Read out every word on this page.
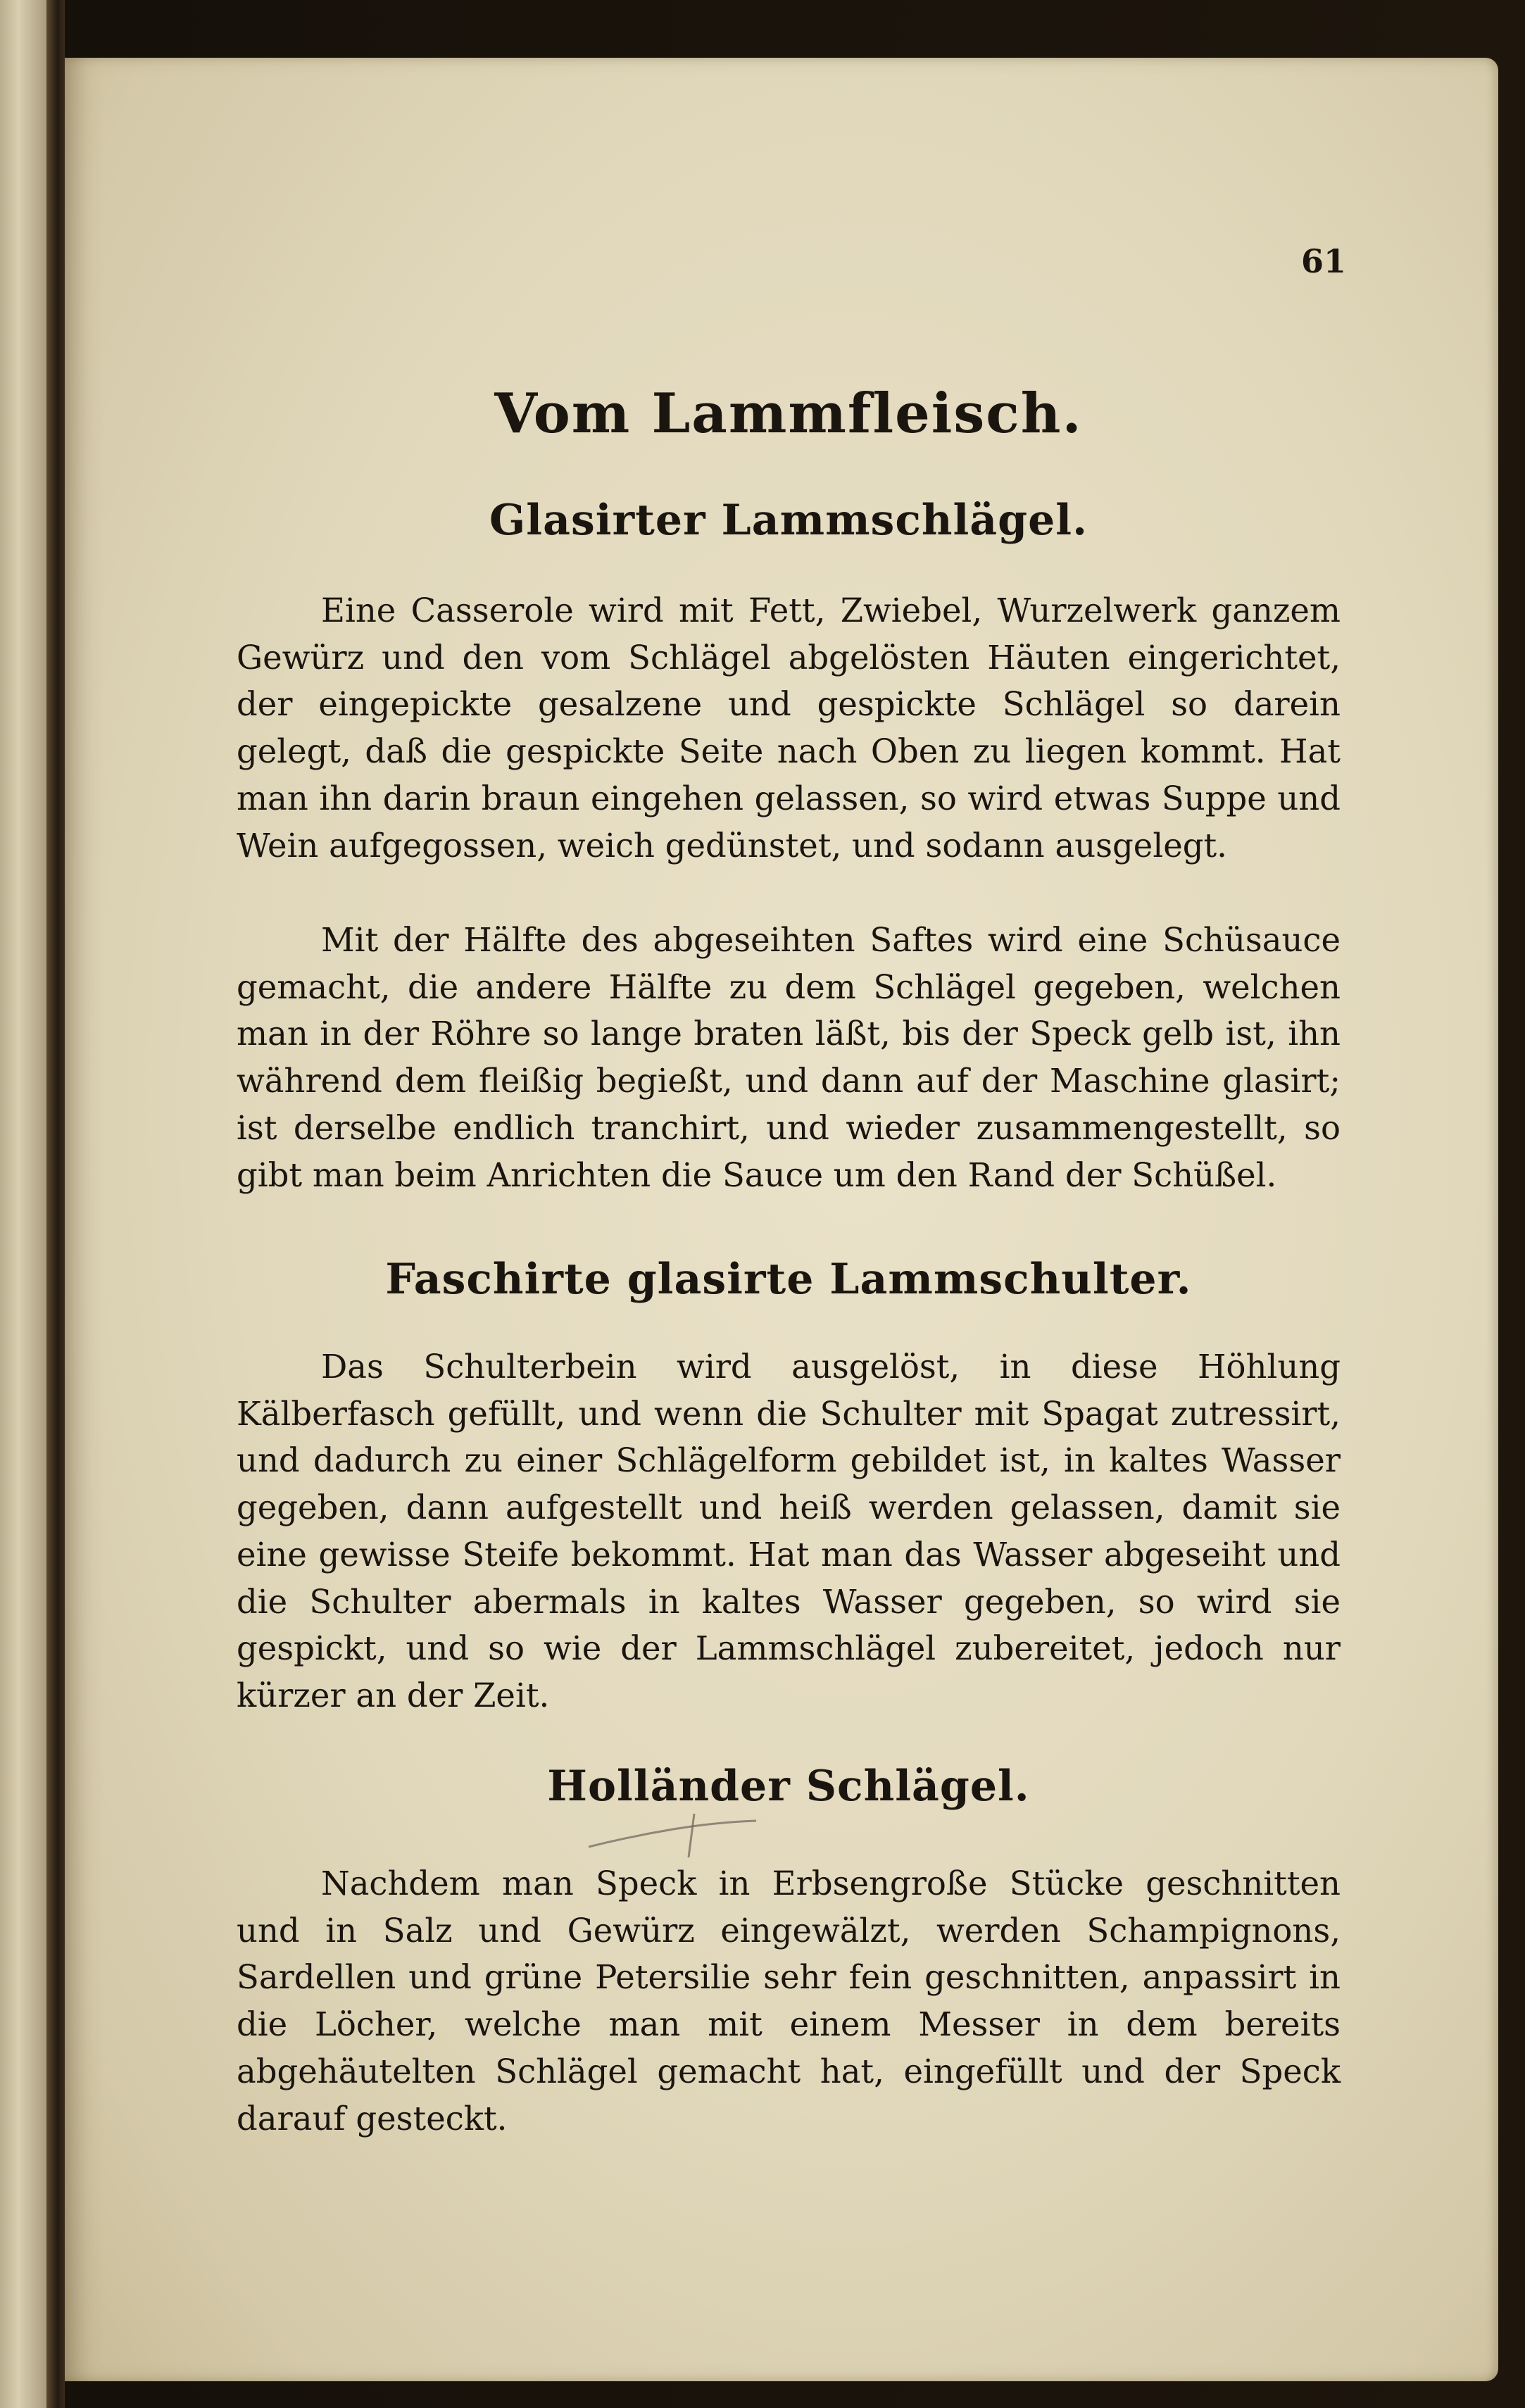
61
Vom Lammfleisch.
Glasirter Lammschlägel.

Eine Casserole wird mit Fett, Zwiebel, Wurzelwerk ganzem Gewürz und den vom Schlägel abgelösten Häuten eingerichtet, der eingepickte gesalzene und gespickte Schlägel so darein gelegt, daß die gespickte Seite nach Oben zu liegen kommt. Hat man ihn darin braun eingehen gelassen, so wird etwas Suppe und Wein aufgegossen, weich gedünstet, und sodann ausgelegt.

Mit der Hälfte des abgeseihten Saftes wird eine Schüsauce gemacht, die andere Hälfte zu dem Schlägel gegeben, welchen man in der Röhre so lange braten läßt, bis der Speck gelb ist, ihn während dem fleißig begießt, und dann auf der Maschine glasirt; ist derselbe endlich tranchirt, und wieder zusammengestellt, so gibt man beim Anrichten die Sauce um den Rand der Schüßel.

Faschirte glasirte Lammschulter.

Das Schulterbein wird ausgelöst, in diese Höhlung Kälberfasch gefüllt, und wenn die Schulter mit Spagat zutressirt, und dadurch zu einer Schlägelform gebildet ist, in kaltes Wasser gegeben, dann aufgestellt und heiß werden gelassen, damit sie eine gewisse Steife bekommt. Hat man das Wasser abgeseiht und die Schulter abermals in kaltes Wasser gegeben, so wird sie gespickt, und so wie der Lammschlägel zubereitet, jedoch nur kürzer an der Zeit.

Holländer Schlägel.

Nachdem man Speck in Erbsengroße Stücke geschnitten und in Salz und Gewürz eingewälzt, werden Schampignons, Sardellen und grüne Petersilie sehr fein geschnitten, anpassirt in die Löcher, welche man mit einem Messer in dem bereits abgehäutelten Schlägel gemacht hat, eingefüllt und der Speck darauf gesteckt.
